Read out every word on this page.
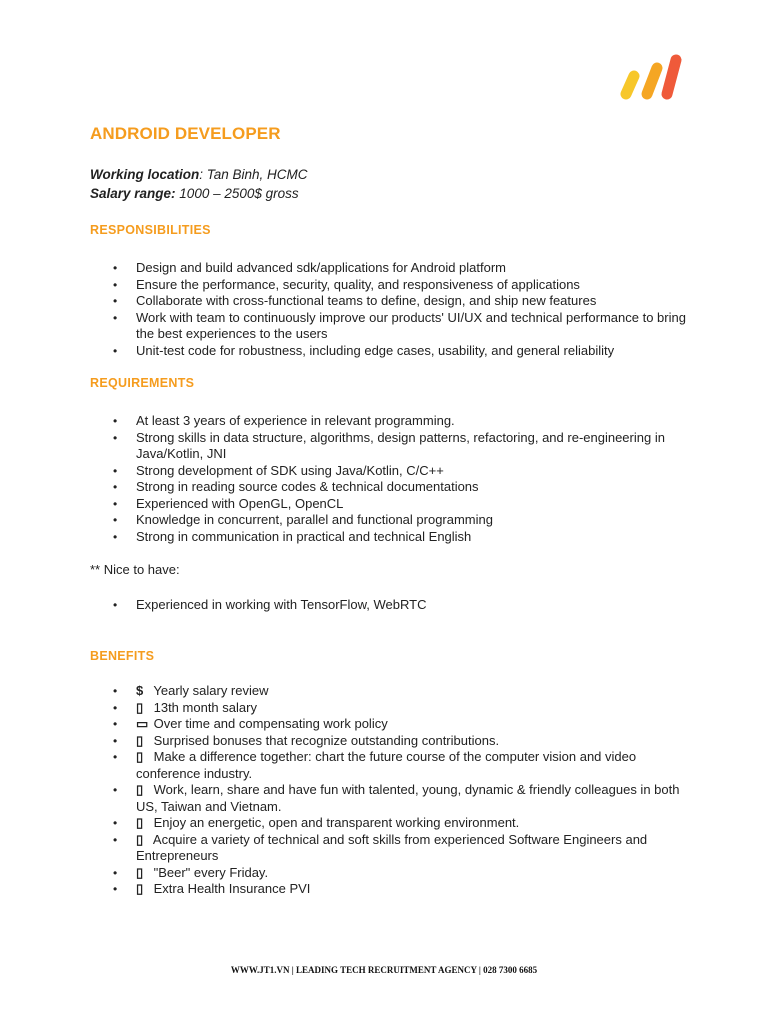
ANDROID DEVELOPER
Working location: Tan Binh, HCMC
Salary range: 1000 – 2500$ gross
RESPONSIBILITIES
• Design and build advanced sdk/applications for Android platform
• Ensure the performance, security, quality, and responsiveness of applications
• Collaborate with cross-functional teams to define, design, and ship new features
• Work with team to continuously improve our products' UI/UX and technical performance to bring the best experiences to the users
• Unit-test code for robustness, including edge cases, usability, and general reliability
REQUIREMENTS
• At least 3 years of experience in relevant programming.
• Strong skills in data structure, algorithms, design patterns, refactoring, and re-engineering in Java/Kotlin, JNI
• Strong development of SDK using Java/Kotlin, C/C++
• Strong in reading source codes & technical documentations
• Experienced with OpenGL, OpenCL
• Knowledge in concurrent, parallel and functional programming
• Strong in communication in practical and technical English
** Nice to have:
• Experienced in working with TensorFlow, WebRTC
BENEFITS
• $ Yearly salary review
• ▯ 13th month salary
• ▭ Over time and compensating work policy
• ▯ Surprised bonuses that recognize outstanding contributions.
• ▯ Make a difference together: chart the future course of the computer vision and video conference industry.
• ▯ Work, learn, share and have fun with talented, young, dynamic & friendly colleagues in both US, Taiwan and Vietnam.
• ▯ Enjoy an energetic, open and transparent working environment.
• ▯ Acquire a variety of technical and soft skills from experienced Software Engineers and Entrepreneurs
• ▯ "Beer" every Friday.
• ▯ Extra Health Insurance PVI
WWW.JT1.VN | LEADING TECH RECRUITMENT AGENCY | 028 7300 6685
